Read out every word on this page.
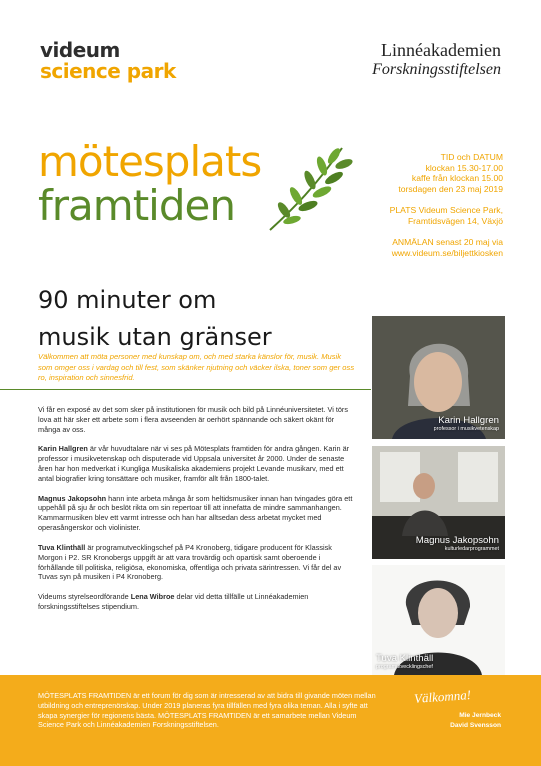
videum
science park
Linnéakademien
Forskningsstiftelsen
mötesplats
framtiden
TID och DATUM
klockan 15.30-17.00
kaffe från klockan 15.00
torsdagen den 23 maj 2019
PLATS Videum Science Park,
Framtidsvägen 14, Växjö
ANMÄLAN senast 20 maj via
www.videum.se/biljettkiosken
90 minuter om
musik utan gränser
Välkommen att möta personer med kunskap om, och med starka känslor för, musik. Musik som omger oss i vardag och till fest, som skänker njutning och väcker ilska, toner som ger oss ro, inspiration och sinnesfrid.

Vi får en exposé av det som sker på institutionen för musik och bild på Linnéuniversitetet. Vi törs lova att här sker ett arbete som i flera avseenden är oerhört spännande och säkert okänt för många av oss.

Karin Hallgren är vår huvudtalare när vi ses på Mötesplats framtiden för andra gången. Karin är professor i musikvetenskap och disputerade vid Uppsala universitet år 2000. Under de senaste åren har hon medverkat i Kungliga Musikaliska akademiens projekt Levande musikarv, med ett antal biografier kring tonsättare och musiker, framför allt från 1800-talet.

Magnus Jakopsohn hann inte arbeta många år som heltidsmusiker innan han tvingades göra ett uppehåll på sju år och beslöt rikta om sin repertoar till att innefatta de mindre sammanhangen. Kammarmusiken blev ett varmt intresse och han har alltsedan dess arbetat mycket med operasångerskor och violinister.

Tuva Klinthäll är programutvecklingschef på P4 Kronoberg, tidigare producent för Klassisk Morgon i P2. SR Kronobergs uppgift är att vara trovärdig och opartisk samt oberoende i förhållande till politiska, religiösa, ekonomiska, offentliga och privata särintressen. Vi får del av Tuvas syn på musiken i P4 Kronoberg.

Videums styrelseordförande Lena Wibroe delar vid detta tillfälle ut Linnéakademien forskningsstiftelses stipendium.

Karin Hallgren
professor i musikvetenskap
Magnus Jakopsohn
kulturledarprogrammet
Tuva Klinthäll
programutvecklingschef
MÖTESPLATS FRAMTIDEN är ett forum för dig som är intresserad av att bidra till givande möten mellan utbildning och entreprenörskap. Under 2019 planeras fyra tillfällen med fyra olika teman. Alla i syfte att skapa synergier för regionens bästa. MÖTESPLATS FRAMTIDEN är ett samarbete mellan Videum Science Park och Linnéakademien Forskningsstiftelsen.
Välkomna!
Mie Jernbeck
David Svensson
